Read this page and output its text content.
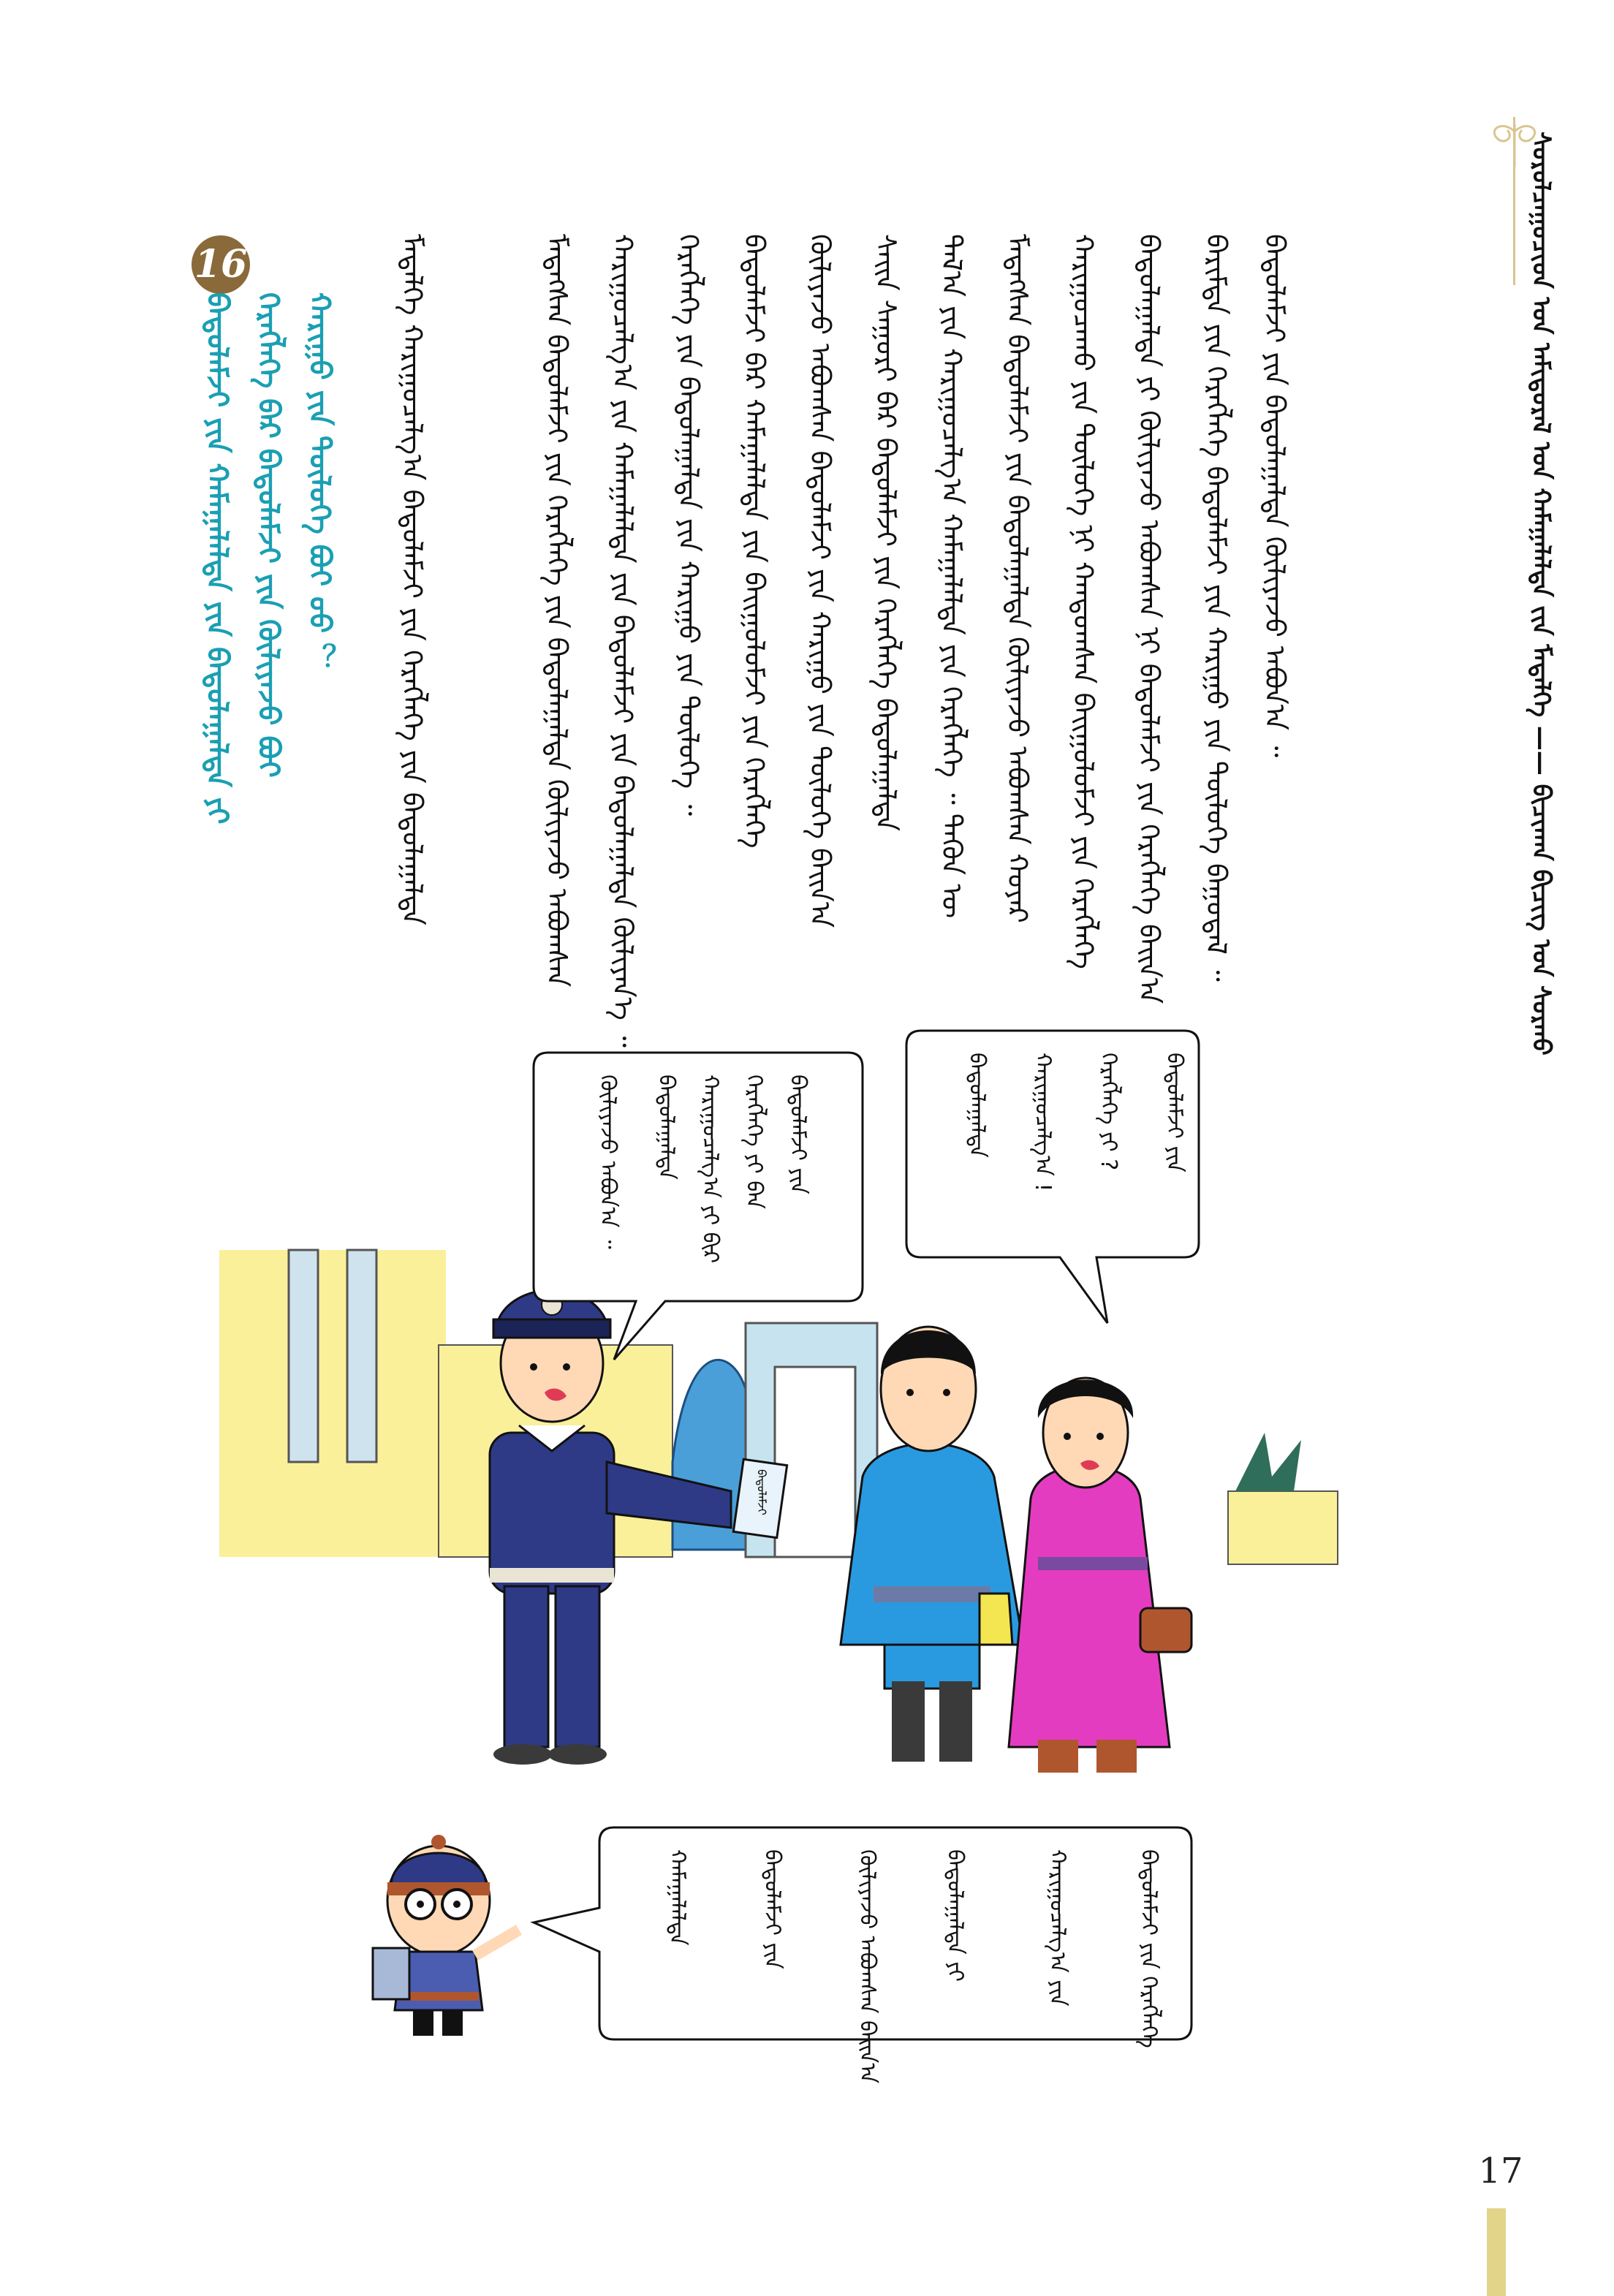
ᠰᠤᠷᠤᠯᠴᠠᠭᠤᠴᠢᠳ ᠤᠨ ᠠᠮᠢᠳᠤᠷᠠᠯ ᠤᠨ ᠬᠠᠮᠠᠭᠠᠯᠠᠯᠲᠠ ᠵᠢᠨ ᠮᠡᠳᠡᠯᠭᠡ —— ᠪᠢᠴᠢᠬᠠᠨ ᠪᠢᠴᠢᠭ ᠤᠨ ᠰᠤᠷᠬᠤ
ᠪᠠᠲᠤᠯᠠᠮᠵᠢ ᠶᠢᠨ ᠪᠠᠲᠤᠯᠠᠭᠠᠯᠲᠠ ᠬᠦᠯᠢᠶᠡᠵᠦ ᠠᠪᠤᠨ᠎ᠠ ᠃
ᠪᠠᠷᠢᠮᠲᠠ ᠶᠢᠨ ᠬᠡᠷᠡᠭᠯᠡᠭᠡ ᠪᠠᠲᠤᠯᠠᠮᠵᠢ ᠶᠢᠨ ᠬᠠᠷᠢᠭᠤ ᠶᠢᠨ ᠲᠥᠯᠥᠭᠡ ᠪᠠᠭᠤᠳᠠᠯ ᠃
ᠪᠠᠲᠤᠯᠠᠭᠠᠯᠲᠠ ᠶᠢ ᠬᠦᠯᠢᠶᠡᠵᠦ ᠠᠪᠤᠭᠰᠠᠨ ᠨᠢ ᠪᠠᠲᠤᠯᠠᠮᠵᠢ ᠶᠢᠨ ᠬᠡᠷᠡᠭᠯᠡᠭᠡ ᠪᠠᠢᠨ᠎ᠠ
ᠬᠠᠷᠢᠭᠤᠴᠠᠬᠤ ᠶᠢᠨ ᠲᠥᠯᠥᠭᠡ ᠨᠢ ᠬᠠᠨᠳᠤᠭᠰᠠᠨ ᠪᠠᠢᠭᠤᠯᠤᠮᠵᠢ ᠶᠢᠨ ᠬᠡᠷᠡᠭᠯᠡᠭᠡ
ᠮᠡᠳᠡᠭᠰᠡᠨ ᠪᠠᠲᠤᠯᠠᠮᠵᠢ ᠶᠢᠨ ᠪᠠᠲᠤᠯᠠᠭᠠᠯᠲᠠ ᠬᠦᠯᠢᠶᠡᠵᠦ ᠠᠪᠤᠭᠰᠠᠨ ᠬᠣᠶᠠᠷ
ᠲᠠᠯ᠎ᠠ ᠶᠢᠨ ᠬᠠᠷᠢᠭᠤᠴᠠᠯᠭ᠎ᠠ ᠬᠠᠮᠠᠭᠠᠯᠠᠯᠲᠠ ᠶᠢᠨ ᠬᠡᠷᠡᠭᠯᠡᠭᠡ ᠃ ᠲᠡᠭᠦᠨ ᠦ
ᠰᠠᠢᠨ ᠰᠠᠭᠤᠷᠢ ᠪᠡᠷ ᠪᠠᠲᠤᠯᠠᠮᠵᠢ ᠶᠢᠨ ᠬᠡᠷᠡᠭᠯᠡᠭᠡ ᠪᠠᠲᠤᠯᠠᠭᠠᠯᠲᠠ
ᠬᠦᠯᠢᠶᠡᠵᠦ ᠠᠪᠤᠭᠰᠠᠨ ᠪᠠᠲᠤᠯᠠᠮᠵᠢ ᠶᠢᠨ ᠬᠠᠷᠢᠭᠤ ᠶᠢᠨ ᠲᠥᠯᠥᠭᠡ ᠪᠠᠢᠨ᠎ᠠ
ᠪᠠᠲᠤᠯᠠᠮᠵᠢ ᠪᠠᠷ ᠬᠠᠮᠠᠭᠠᠯᠠᠯᠲᠠ ᠶᠢᠨ ᠪᠠᠢᠭᠤᠯᠤᠮᠵᠢ ᠶᠢᠨ ᠬᠡᠷᠡᠭᠯᠡᠭᠡ
ᠬᠡᠷᠡᠭᠯᠡᠭᠡ ᠶᠢᠨ ᠪᠠᠲᠤᠯᠠᠭᠠᠯᠲᠠ ᠶᠢᠨ ᠬᠠᠷᠢᠭᠤ ᠶᠢᠨ ᠲᠥᠯᠥᠭᠡ ᠃
ᠬᠠᠷᠢᠭᠤᠴᠠᠯᠭ᠎ᠠ ᠶᠢᠨ ᠬᠠᠮᠠᠭᠠᠯᠠᠯᠲᠠ ᠶᠢᠨ ᠪᠠᠲᠤᠯᠠᠮᠵᠢ ᠶᠢᠨ ᠪᠠᠲᠤᠯᠠᠭᠠᠯᠲᠠ ᠬᠦᠯᠢᠶᠡᠨ᠎ᠡ ᠃
ᠮᠡᠳᠡᠭᠰᠡᠨ ᠪᠠᠲᠤᠯᠠᠮᠵᠢ ᠶᠢᠨ ᠬᠡᠷᠡᠭᠯᠡᠭᠡ ᠶᠢᠨ ᠪᠠᠲᠤᠯᠠᠭᠠᠯᠲᠠ ᠬᠦᠯᠢᠶᠡᠵᠦ ᠠᠪᠤᠭᠰᠠᠨ
ᠮᠡᠳᠡᠯᠭᠡ ᠬᠠᠷᠢᠭᠤᠴᠠᠯᠭ᠎ᠠ ᠪᠠᠲᠤᠯᠠᠮᠵᠢ ᠶᠢᠨ ᠬᠡᠷᠡᠭᠯᠡᠭᠡ ᠶᠢᠨ ᠪᠠᠲᠤᠯᠠᠭᠠᠯᠲᠠ
16
ᠪᠠᠲᠤᠯᠠᠮᠵᠢ ᠶᠢᠨ ᠬᠠᠮᠠᠭᠠᠯᠠᠯᠲᠠ ᠶᠢᠨ ᠪᠠᠲᠤᠯᠠᠭᠠᠯᠲᠠ ᠶᠢ ᠬᠡᠷᠡᠭᠯᠡᠭᠡ ᠪᠠᠷ ᠪᠠᠲᠤᠯᠠᠮᠵᠢ ᠶᠢᠨ ᠬᠦᠯᠢᠶᠡᠵᠦ ᠪᠤᠢ ᠬᠠᠷᠢᠭᠤ ᠶᠢᠨ ᠲᠥᠯᠥᠭᠡ ᠪᠤᠢ ᠤᠤ ？
ᠪᠠᠲᠤᠯᠠᠮᠵᠢ
ᠪᠠᠲᠤᠯᠠᠮᠵᠢ ᠶᠢᠨ
ᠬᠡᠷᠡᠭᠯᠡᠭᠡ ᠶᠢ ᠪᠡᠨ
ᠬᠠᠷᠢᠭᠤᠴᠠᠯᠭ᠎ᠠ ᠶᠢ ᠪᠢᠷ
ᠪᠠᠲᠤᠯᠠᠭᠠᠯᠲᠠ
ᠬᠦᠯᠢᠶᠡᠵᠦ ᠠᠪᠤᠨ᠎ᠠ ᠃	ᠪᠠᠲᠤᠯᠠᠮᠵᠢ ᠶᠢᠨ
ᠬᠡᠷᠡᠭᠯᠡᠭᠡ ᠶᠢ ?
ᠬᠠᠷᠢᠭᠤᠴᠠᠯᠭ᠎ᠠ !
ᠪᠠᠲᠤᠯᠠᠭᠠᠯᠲᠠ
ᠪᠠᠲᠤᠯᠠᠮᠵᠢ ᠶᠢᠨ ᠬᠡᠷᠡᠭᠯᠡᠭᠡ
ᠬᠠᠷᠢᠭᠤᠴᠠᠯᠭ᠎ᠠ ᠶᠢᠨ
ᠪᠠᠲᠤᠯᠠᠭᠠᠯᠲᠠ ᠶᠢ
ᠬᠦᠯᠢᠶᠡᠵᠦ ᠠᠪᠤᠭᠰᠠᠨ ᠪᠠᠢᠨ᠎ᠠ
ᠪᠠᠲᠤᠯᠠᠮᠵᠢ ᠶᠢᠨ
ᠬᠠᠮᠠᠭᠠᠯᠠᠯᠲᠠ
17
